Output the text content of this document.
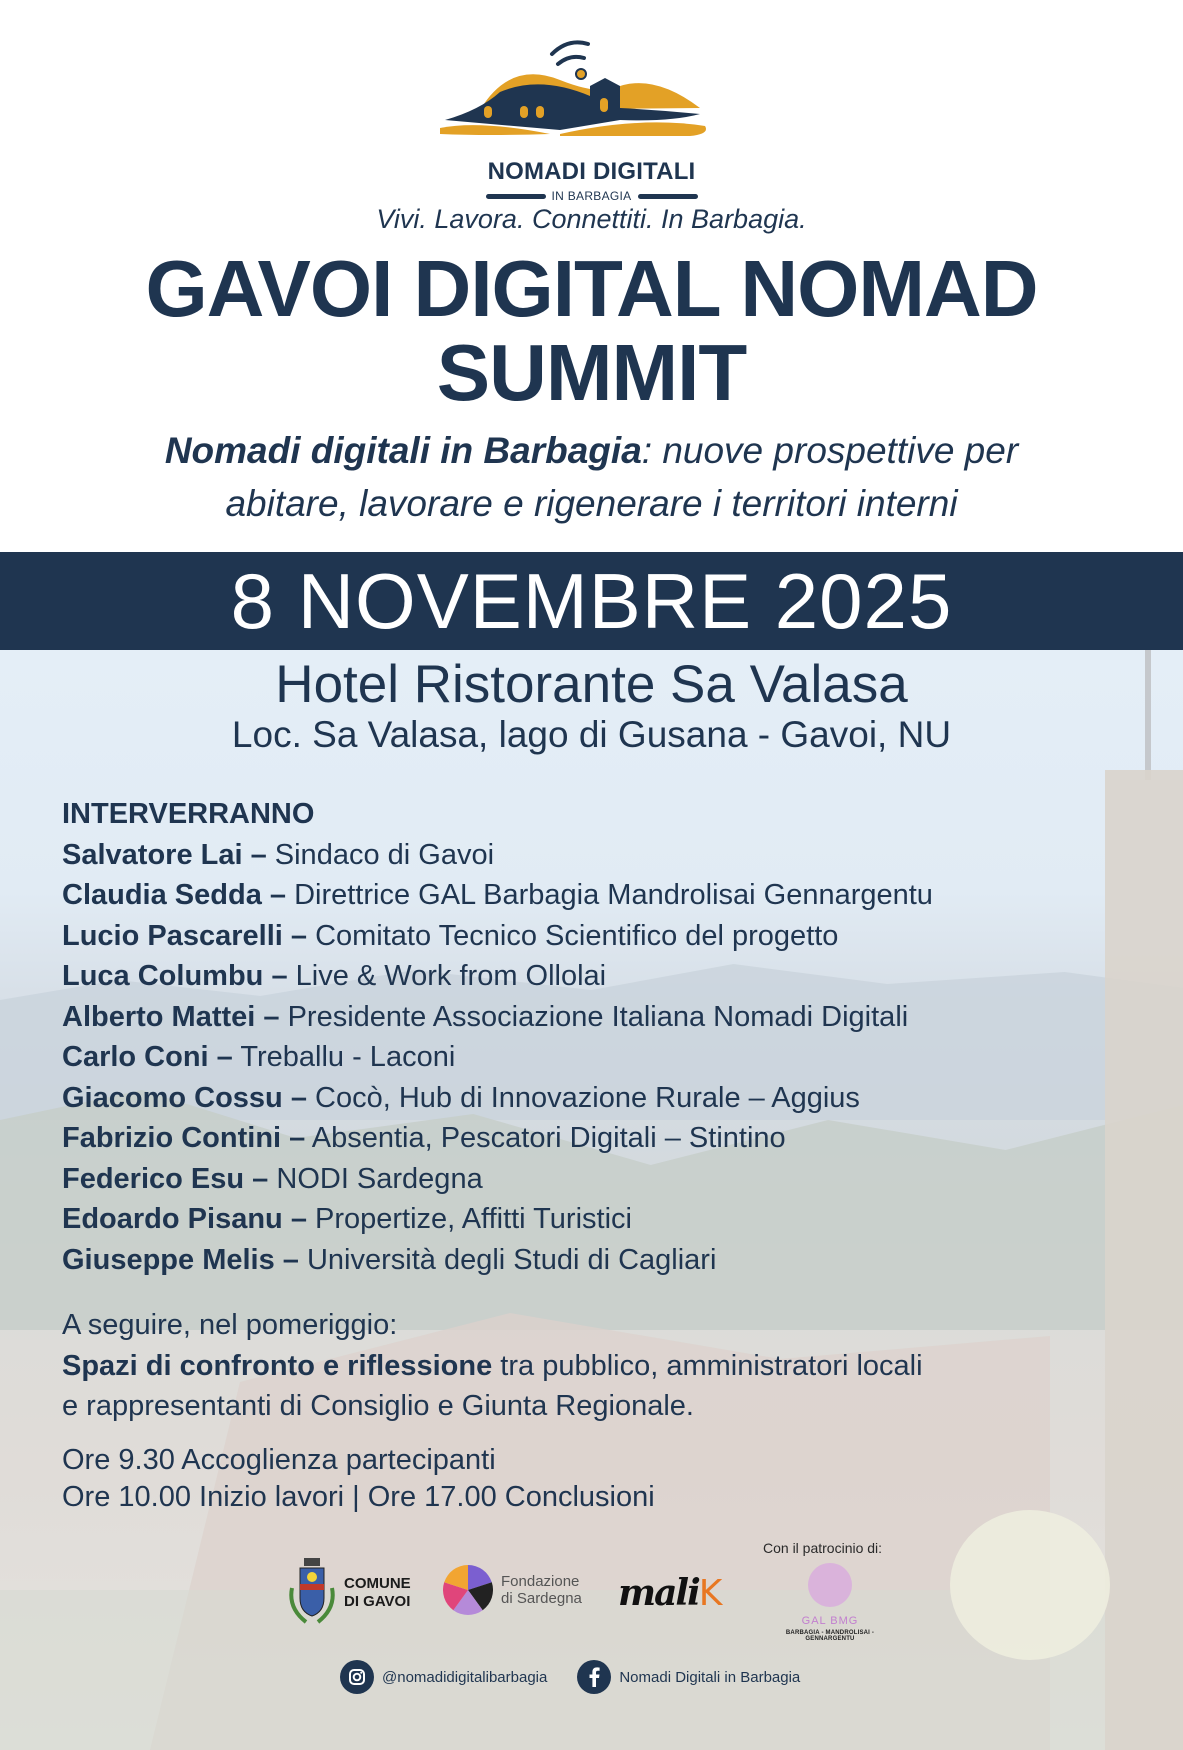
NOMADI DIGITALI
IN BARBAGIA
Vivi. Lavora. Connettiti. In Barbagia.
GAVOI DIGITAL NOMAD
SUMMIT
Nomadi digitali in Barbagia: nuove prospettive per
abitare, lavorare e rigenerare i territori interni
8 NOVEMBRE 2025
Hotel Ristorante Sa Valasa
Loc. Sa Valasa, lago di Gusana - Gavoi, NU
INTERVERRANNO
Salvatore Lai – Sindaco di Gavoi
Claudia Sedda – Direttrice GAL Barbagia Mandrolisai Gennargentu
Lucio Pascarelli – Comitato Tecnico Scientifico del progetto
Luca Columbu – Live & Work from Ollolai
Alberto Mattei – Presidente Associazione Italiana Nomadi Digitali
Carlo Coni – Treballu - Laconi
Giacomo Cossu – Cocò, Hub di Innovazione Rurale – Aggius
Fabrizio Contini – Absentia, Pescatori Digitali – Stintino
Federico Esu – NODI Sardegna
Edoardo Pisanu – Propertize, Affitti Turistici
Giuseppe Melis – Università degli Studi di Cagliari
A seguire, nel pomeriggio:
Spazi di confronto e riflessione tra pubblico, amministratori locali
e rappresentanti di Consiglio e Giunta Regionale.
Ore 9.30 Accoglienza partecipanti
Ore 10.00 Inizio lavori | Ore 17.00 Conclusioni
Con il patrocinio di:
COMUNE
DI GAVOI
Fondazione
di Sardegna maliK
GAL BMG
BARBAGIA - MANDROLISAI - GENNARGENTU
@nomadidigitalibarbagia	Nomadi Digitali in Barbagia
